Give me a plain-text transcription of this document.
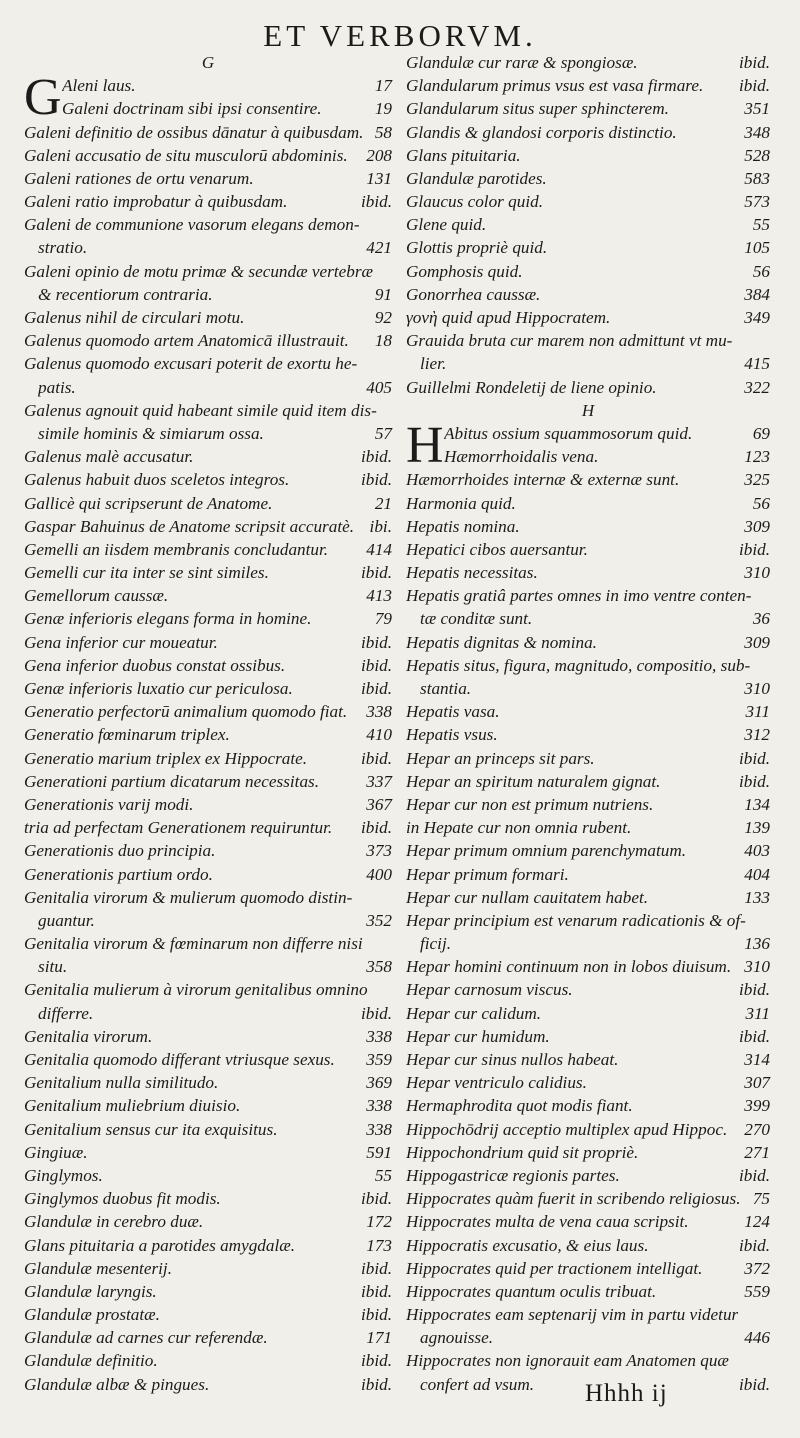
ET VERBORVM.
G
G Aleni laus.	17
Galeni doctrinam sibi ipsi consentire.	19
Galeni definitio de ossibus dānatur à quibusdam. 58
Galeni accusatio de situ musculorū abdominis.	208
Galeni rationes de ortu venarum.	131
Galeni ratio improbatur à quibusdam.	ibid.
Galeni de communione vasorum elegans demon-
stratio.	421
Galeni opinio de motu primæ & secundæ vertebræ
& recentiorum contraria.	91
Galenus nihil de circulari motu.	92
Galenus quomodo artem Anatomicā illustrauit.	18
Galenus quomodo excusari poterit de exortu he-
patis.	405
Galenus agnouit quid habeant simile quid item dis-
simile hominis & simiarum ossa.	57
Galenus malè accusatur.	ibid.
Galenus habuit duos sceletos integros.	ibid.
Gallicè qui scripserunt de Anatome.	21
Gaspar Bahuinus de Anatome scripsit accuratè. ibi.
Gemelli an iisdem membranis concludantur.	414
Gemelli cur ita inter se sint similes.	ibid.
Gemellorum caussæ.	413
Genæ inferioris elegans forma in homine.	79
Gena inferior cur moueatur.	ibid.
Gena inferior duobus constat ossibus.	ibid.
Genæ inferioris luxatio cur periculosa.	ibid.
Generatio perfectorū animalium quomodo fiat.	338
Generatio fœminarum triplex.	410
Generatio marium triplex ex Hippocrate.	ibid.
Generationi partium dicatarum necessitas.	337
Generationis varij modi.	367
tria ad perfectam Generationem requiruntur.	ibid.
Generationis duo principia.	373
Generationis partium ordo.	400
Genitalia virorum & mulierum quomodo distin-
guantur.	352
Genitalia virorum & fœminarum non differre nisi
situ.	358
Genitalia mulierum à virorum genitalibus omnino
differre.	ibid.
Genitalia virorum.	338
Genitalia quomodo differant vtriusque sexus.	359
Genitalium nulla similitudo.	369
Genitalium muliebrium diuisio.	338
Genitalium sensus cur ita exquisitus.	338
Gingiuæ.	591
Ginglymos.	55
Ginglymos duobus fit modis.	ibid.
Glandulæ in cerebro duæ.	172
Glans pituitaria a parotides amygdalæ.	173
Glandulæ mesenterij.	ibid.
Glandulæ laryngis.	ibid.
Glandulæ prostatæ.	ibid.
Glandulæ ad carnes cur referendæ.	171
Glandulæ definitio.	ibid.
Glandulæ albæ & pingues.	ibid.
Glandulæ cur raræ & spongiosæ.	ibid.
Glandularum primus vsus est vasa firmare.	ibid.
Glandularum situs super sphincterem.	351
Glandis & glandosi corporis distinctio.	348
Glans pituitaria.	528
Glandulæ parotides.	583
Glaucus color quid.	573
Glene quid.	55
Glottis propriè quid.	105
Gomphosis quid.	56
Gonorrhea caussæ.	384
γονὴ quid apud Hippocratem.	349
Grauida bruta cur marem non admittunt vt mu-
lier.	415
Guillelmi Rondeletij de liene opinio.	322
H
H Abitus ossium squammosorum quid.	69
Hæmorrhoidalis vena.	123
Hæmorrhoides internæ & externæ sunt.	325
Harmonia quid.	56
Hepatis nomina.	309
Hepatici cibos auersantur.	ibid.
Hepatis necessitas.	310
Hepatis gratiâ partes omnes in imo ventre conten-
tæ conditæ sunt.	36
Hepatis dignitas & nomina.	309
Hepatis situs, figura, magnitudo, compositio, sub-
stantia.	310
Hepatis vasa.	311
Hepatis vsus.	312
Hepar an princeps sit pars.	ibid.
Hepar an spiritum naturalem gignat.	ibid.
Hepar cur non est primum nutriens.	134
in Hepate cur non omnia rubent.	139
Hepar primum omnium parenchymatum.	403
Hepar primum formari.	404
Hepar cur nullam cauitatem habet.	133
Hepar principium est venarum radicationis & of-
ficij.	136
Hepar homini continuum non in lobos diuisum. 310
Hepar carnosum viscus.	ibid.
Hepar cur calidum.	311
Hepar cur humidum.	ibid.
Hepar cur sinus nullos habeat.	314
Hepar ventriculo calidius.	307
Hermaphrodita quot modis fiant.	399
Hippochōdrij acceptio multiplex apud Hippoc. 270
Hippochondrium quid sit propriè.	271
Hippogastricæ regionis partes.	ibid.
Hippocrates quàm fuerit in scribendo religiosus. 75
Hippocrates multa de vena caua scripsit.	124
Hippocratis excusatio, & eius laus.	ibid.
Hippocrates quid per tractionem intelligat.	372
Hippocrates quantum oculis tribuat.	559
Hippocrates eam septenarij vim in partu videtur
agnouisse.	446
Hippocrates non ignorauit eam Anatomen quæ
confert ad vsum.	ibid.
Hhhh ij
